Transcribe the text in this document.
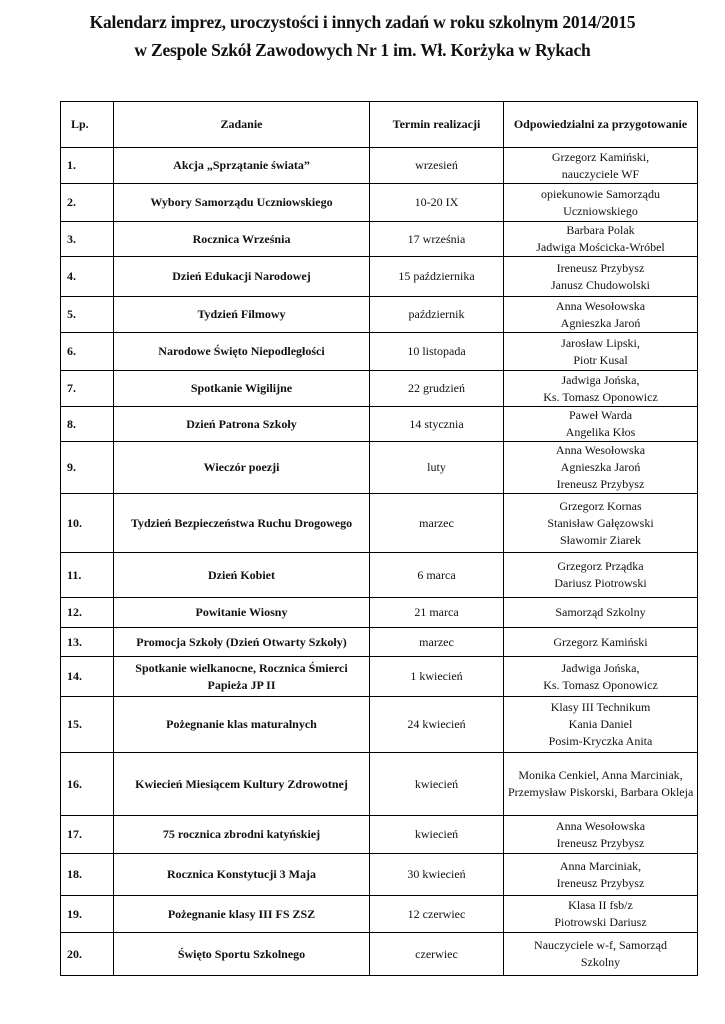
Kalendarz imprez, uroczystości i innych zadań w roku szkolnym 2014/2015
w Zespole Szkół Zawodowych Nr 1 im. Wł. Korżyka w Rykach
Lp.	Zadanie	Termin realizacji	Odpowiedzialni za przygotowanie
1.	Akcja „Sprzątanie świata”	wrzesień	Grzegorz Kamiński,
nauczyciele WF

2.	Wybory Samorządu Uczniowskiego	10-20 IX	opiekunowie Samorządu
Uczniowskiego

3.	Rocznica Września	17 września	Barbara Polak
Jadwiga Mościcka-Wróbel

4.	Dzień Edukacji Narodowej	15 października	Ireneusz Przybysz
Janusz Chudowolski

5.	Tydzień Filmowy	październik	Anna Wesołowska
Agnieszka Jaroń

6.	Narodowe Święto Niepodległości	10 listopada	Jarosław Lipski,
Piotr Kusal

7.	Spotkanie Wigilijne	22 grudzień	Jadwiga Jońska,
Ks. Tomasz Oponowicz

8.	Dzień Patrona Szkoły	14 stycznia	Paweł Warda
Angelika Kłos

9.	Wieczór poezji	luty	Anna Wesołowska
Agnieszka Jaroń
Ireneusz Przybysz

10.	Tydzień Bezpieczeństwa Ruchu Drogowego	marzec	Grzegorz Kornas
Stanisław Gałęzowski
Sławomir Ziarek

11.	Dzień Kobiet	6 marca	Grzegorz Prządka
Dariusz Piotrowski

12.	Powitanie Wiosny	21 marca	Samorząd Szkolny

13.	Promocja Szkoły (Dzień Otwarty Szkoły)	marzec	Grzegorz Kamiński

14.	Spotkanie wielkanocne, Rocznica Śmierci Papieża JP II	1 kwiecień	Jadwiga Jońska,
Ks. Tomasz Oponowicz

15.	Pożegnanie klas maturalnych	24 kwiecień	Klasy III Technikum
Kania Daniel
Posim-Kryczka Anita

16.	Kwiecień Miesiącem Kultury Zdrowotnej	kwiecień	Monika Cenkiel, Anna Marciniak,
Przemysław Piskorski, Barbara Okleja

17.	75 rocznica zbrodni katyńskiej	kwiecień	Anna Wesołowska
Ireneusz Przybysz

18.	Rocznica Konstytucji 3 Maja	30 kwiecień	Anna Marciniak,
Ireneusz Przybysz

19.	Pożegnanie klasy III FS ZSZ	12 czerwiec	Klasa II fsb/z
Piotrowski Dariusz

20.	Święto Sportu Szkolnego	czerwiec	Nauczyciele w-f, Samorząd
Szkolny
